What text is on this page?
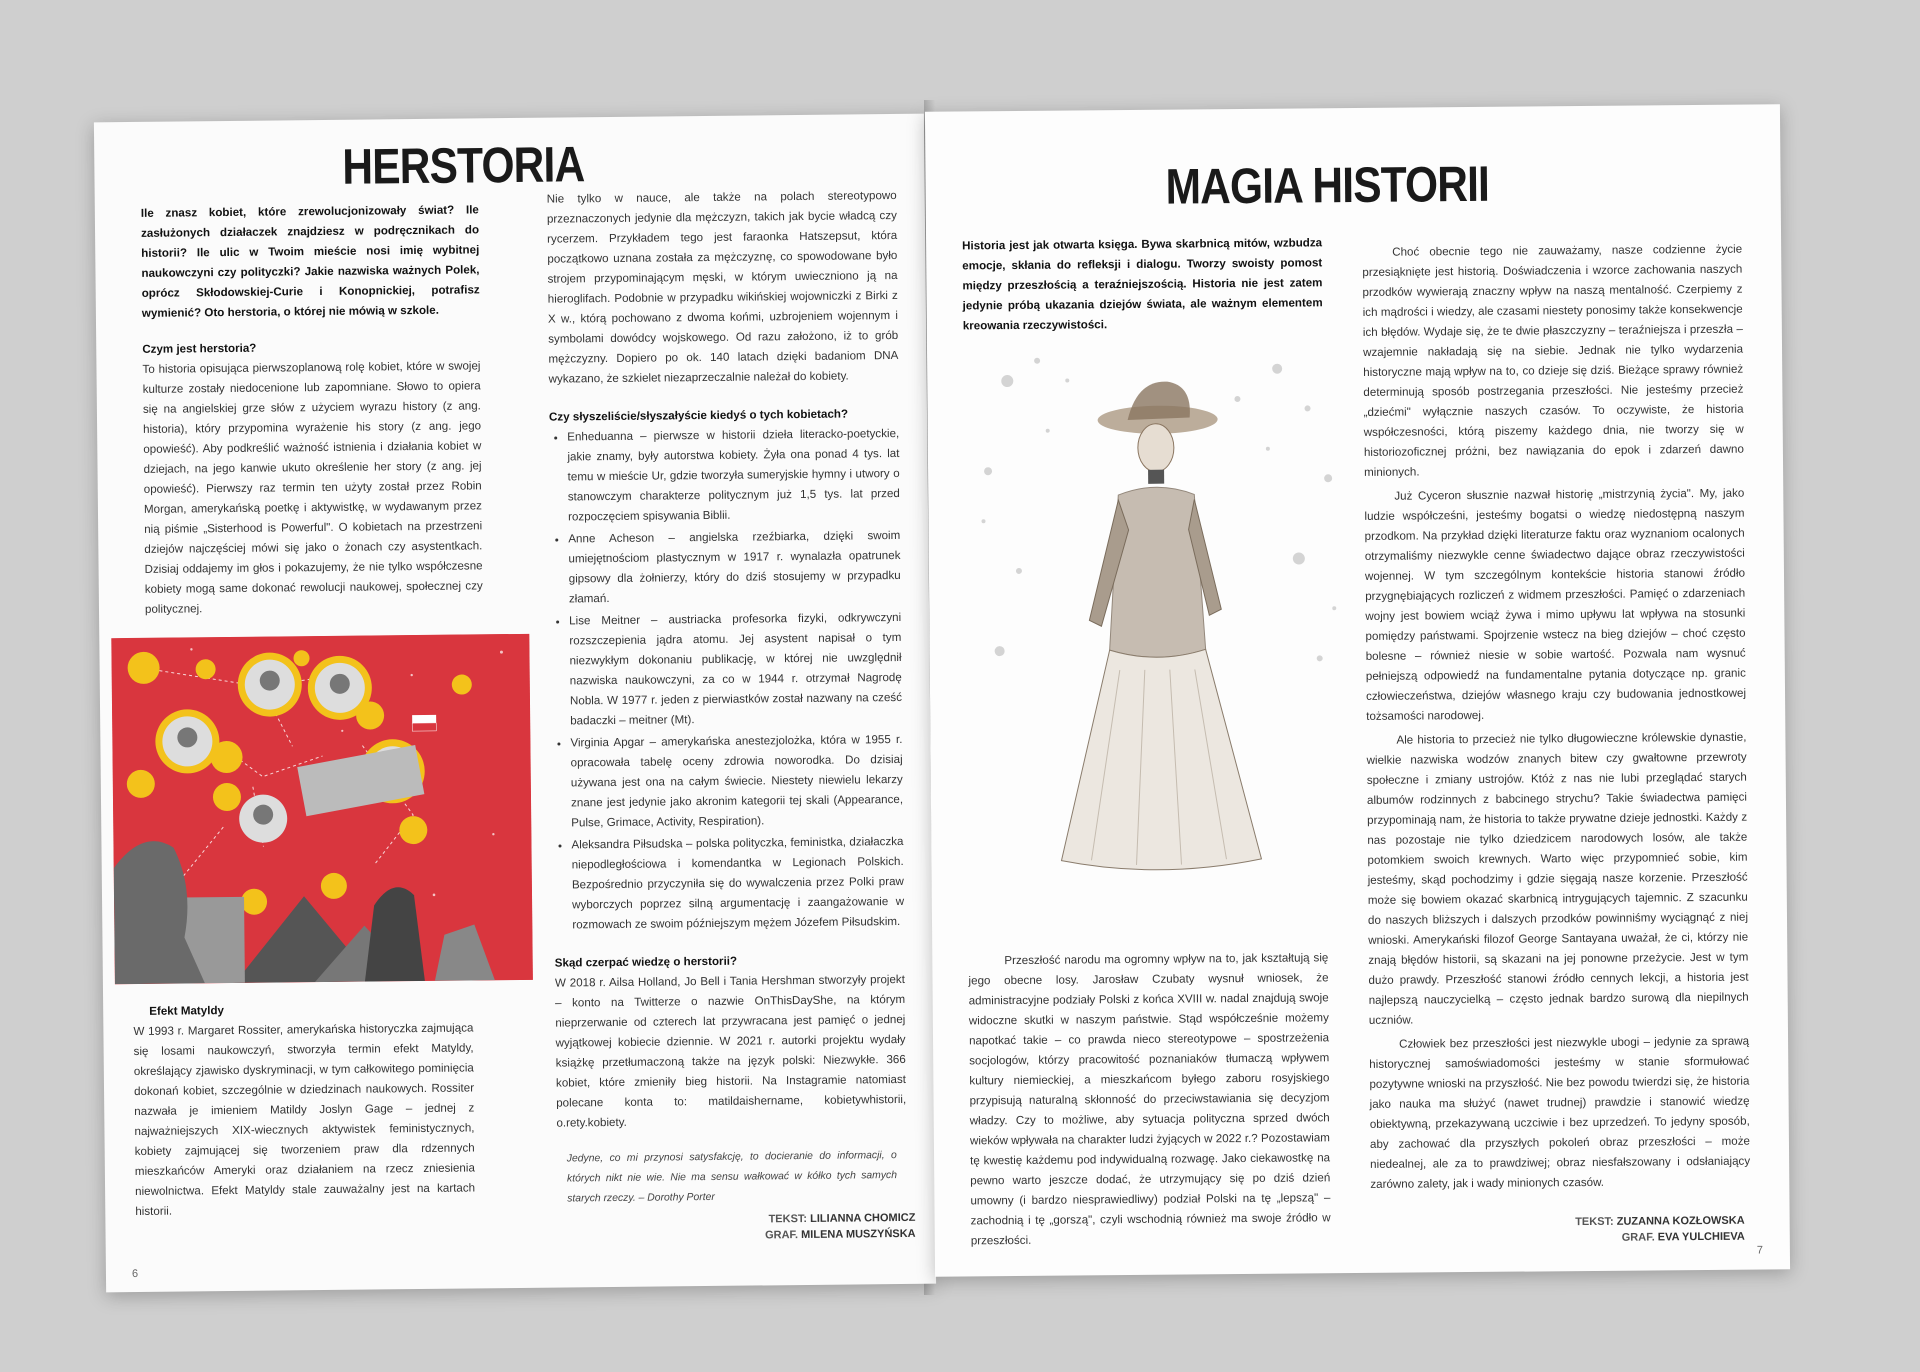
HERSTORIA

Ile znasz kobiet, które zrewolucjonizowały świat? Ile zasłużonych działaczek znajdziesz w podręcznikach do historii? Ile ulic w Twoim mieście nosi imię wybitnej naukowczyni czy polityczki? Jakie nazwiska ważnych Polek, oprócz Skłodowskiej-Curie i Konopnickiej, potrafisz wymienić? Oto herstoria, o której nie mówią w szkole.

Czym jest herstoria?

To historia opisująca pierwszoplanową rolę kobiet, które w swojej kulturze zostały niedocenione lub zapomniane. Słowo to opiera się na angielskiej grze słów z użyciem wyrazu history (z ang. historia), który przypomina wyrażenie his story (z ang. jego opowieść). Aby podkreślić ważność istnienia i działania kobiet w dziejach, na jego kanwie ukuto określenie her story (z ang. jej opowieść). Pierwszy raz termin ten użyty został przez Robin Morgan, amerykańską poetkę i aktywistkę, w wydawanym przez nią piśmie „Sisterhood is Powerful". O kobietach na przestrzeni dziejów najczęściej mówi się jako o żonach czy asystentkach. Dzisiaj oddajemy im głos i pokazujemy, że nie tylko współczesne kobiety mogą same dokonać rewolucji naukowej, społecznej czy politycznej.

Efekt Matyldy

W 1993 r. Margaret Rossiter, amerykańska historyczka zajmująca się losami naukowczyń, stworzyła termin efekt Matyldy, określający zjawisko dyskryminacji, w tym całkowitego pominięcia dokonań kobiet, szczególnie w dziedzinach naukowych. Rossiter nazwała je imieniem Matildy Joslyn Gage – jednej z najważniejszych XIX-wiecznych aktywistek feministycznych, kobiety zajmującej się tworzeniem praw dla rdzennych mieszkańców Ameryki oraz działaniem na rzecz zniesienia niewolnictwa. Efekt Matyldy stale zauważalny jest na kartach historii.

Nie tylko w nauce, ale także na polach stereotypowo przeznaczonych jedynie dla mężczyzn, takich jak bycie władcą czy rycerzem. Przykładem tego jest faraonka Hatszepsut, która początkowo uznana została za mężczyznę, co spowodowane było strojem przypominającym męski, w którym uwieczniono ją na hieroglifach. Podobnie w przypadku wikińskiej wojowniczki z Birki z X w., którą pochowano z dwoma końmi, uzbrojeniem wojennym i symbolami dowódcy wojskowego. Od razu założono, iż to grób mężczyzny. Dopiero po ok. 140 latach dzięki badaniom DNA wykazano, że szkielet niezaprzeczalnie należał do kobiety.

Czy słyszeliście/słyszałyście kiedyś o tych kobietach?

• Enheduanna – pierwsze w historii dzieła literacko-poetyckie, jakie znamy, były autorstwa kobiety. Żyła ona ponad 4 tys. lat temu w mieście Ur, gdzie tworzyła sumeryjskie hymny i utwory o stanowczym charakterze politycznym już 1,5 tys. lat przed rozpoczęciem spisywania Biblii.
• Anne Acheson – angielska rzeźbiarka, dzięki swoim umiejętnościom plastycznym w 1917 r. wynalazła opatrunek gipsowy dla żołnierzy, który do dziś stosujemy w przypadku złamań.
• Lise Meitner – austriacka profesorka fizyki, odkrywczyni rozszczepienia jądra atomu. Jej asystent napisał o tym niezwykłym dokonaniu publikację, w której nie uwzględnił nazwiska naukowczyni, za co w 1944 r. otrzymał Nagrodę Nobla. W 1977 r. jeden z pierwiastków został nazwany na cześć badaczki – meitner (Mt).
• Virginia Apgar – amerykańska anestezjolożka, która w 1955 r. opracowała tabelę oceny zdrowia noworodka. Do dzisiaj używana jest ona na całym świecie. Niestety niewielu lekarzy znane jest jedynie jako akronim kategorii tej skali (Appearance, Pulse, Grimace, Activity, Respiration).
• Aleksandra Piłsudska – polska polityczka, feministka, działaczka niepodległościowa i komendantka w Legionach Polskich. Bezpośrednio przyczyniła się do wywalczenia przez Polki praw wyborczych poprzez silną argumentację i zaangażowanie w rozmowach ze swoim późniejszym mężem Józefem Piłsudskim.

Skąd czerpać wiedzę o herstorii?

W 2018 r. Ailsa Holland, Jo Bell i Tania Hershman stworzyły projekt – konto na Twitterze o nazwie OnThisDayShe, na którym nieprzerwanie od czterech lat przywracana jest pamięć o jednej wyjątkowej kobiecie dziennie. W 2021 r. autorki projektu wydały książkę przetłumaczoną także na język polski: Niezwykłe. 366 kobiet, które zmieniły bieg historii. Na Instagramie natomiast polecane konta to: matildaishername, kobietywhistorii, o.rety.kobiety.

Jedyne, co mi przynosi satysfakcję, to docieranie do informacji, o których nikt nie wie. Nie ma sensu wałkować w kółko tych samych starych rzeczy. – Dorothy Porter

TEKST: LILIANNA CHOMICZ
GRAF. MILENA MUSZYŃSKA
6
MAGIA HISTORII

Historia jest jak otwarta księga. Bywa skarbnicą mitów, wzbudza emocje, skłania do refleksji i dialogu. Tworzy swoisty pomost między przeszłością a teraźniejszością. Historia nie jest zatem jedynie próbą ukazania dziejów świata, ale ważnym elementem kreowania rzeczywistości.

Przeszłość narodu ma ogromny wpływ na to, jak kształtują się jego obecne losy. Jarosław Czubaty wysnuł wniosek, że administracyjne podziały Polski z końca XVIII w. nadal znajdują swoje widoczne skutki w naszym państwie. Stąd współcześnie możemy napotkać takie – co prawda nieco stereotypowe – spostrzeżenia socjologów, którzy pracowitość poznaniaków tłumaczą wpływem kultury niemieckiej, a mieszkańcom byłego zaboru rosyjskiego przypisują naturalną skłonność do przeciwstawiania się decyzjom władzy. Czy to możliwe, aby sytuacja polityczna sprzed dwóch wieków wpływała na charakter ludzi żyjących w 2022 r.? Pozostawiam tę kwestię każdemu pod indywidualną rozwagę. Jako ciekawostkę na pewno warto jeszcze dodać, że utrzymujący się po dziś dzień umowny (i bardzo niesprawiedliwy) podział Polski na tę „lepszą" – zachodnią i tę „gorszą", czyli wschodnią również ma swoje źródło w przeszłości.

Choć obecnie tego nie zauważamy, nasze codzienne życie przesiąknięte jest historią. Doświadczenia i wzorce zachowania naszych przodków wywierają znaczny wpływ na naszą mentalność. Czerpiemy z ich mądrości i wiedzy, ale czasami niestety ponosimy także konsekwencje ich błędów. Wydaje się, że te dwie płaszczyzny – teraźniejsza i przeszła – wzajemnie nakładają się na siebie. Jednak nie tylko wydarzenia historyczne mają wpływ na to, co dzieje się dziś. Bieżące sprawy również determinują sposób postrzegania przeszłości. Nie jesteśmy przecież „dziećmi" wyłącznie naszych czasów. To oczywiste, że historia współczesności, którą piszemy każdego dnia, nie tworzy się w historiozoficznej próżni, bez nawiązania do epok i zdarzeń dawno minionych.

Już Cyceron słusznie nazwał historię „mistrzynią życia". My, jako ludzie współcześni, jesteśmy bogatsi o wiedzę niedostępną naszym przodkom. Na przykład dzięki literaturze faktu oraz wyznaniom ocalonych otrzymaliśmy niezwykle cenne świadectwo dające obraz rzeczywistości wojennej. W tym szczególnym kontekście historia stanowi źródło przygnębiających rozliczeń z widmem przeszłości. Pamięć o zdarzeniach wojny jest bowiem wciąż żywa i mimo upływu lat wpływa na stosunki pomiędzy państwami. Spojrzenie wstecz na bieg dziejów – choć często bolesne – również niesie w sobie wartość. Pozwala nam wysnuć pełniejszą odpowiedź na fundamentalne pytania dotyczące np. granic człowieczeństwa, dziejów własnego kraju czy budowania jednostkowej tożsamości narodowej.

Ale historia to przecież nie tylko długowieczne królewskie dynastie, wielkie nazwiska wodzów znanych bitew czy gwałtowne przewroty społeczne i zmiany ustrojów. Któż z nas nie lubi przeglądać starych albumów rodzinnych z babcinego strychu? Takie świadectwa pamięci przypominają nam, że historia to także prywatne dzieje jednostki. Każdy z nas pozostaje nie tylko dziedzicem narodowych losów, ale także potomkiem swoich krewnych. Warto więc przypomnieć sobie, kim jesteśmy, skąd pochodzimy i gdzie sięgają nasze korzenie. Przeszłość może się bowiem okazać skarbnicą intrygujących tajemnic. Z szacunku do naszych bliższych i dalszych przodków powinniśmy wyciągnąć z niej wnioski. Amerykański filozof George Santayana uważał, że ci, którzy nie znają błędów historii, są skazani na jej ponowne przeżycie. Jest w tym dużo prawdy. Przeszłość stanowi źródło cennych lekcji, a historia jest najlepszą nauczycielką – często jednak bardzo surową dla niepilnych uczniów.

Człowiek bez przeszłości jest niezwykle ubogi – jedynie za sprawą historycznej samoświadomości jesteśmy w stanie sformułować pozytywne wnioski na przyszłość. Nie bez powodu twierdzi się, że historia jako nauka ma służyć (nawet trudnej) prawdzie i stanowić wiedzę obiektywną, przekazywaną uczciwie i bez uprzedzeń. To jedyny sposób, aby zachować dla przyszłych pokoleń obraz przeszłości – może niedealnej, ale za to prawdziwej; obraz niesfałszowany i odsłaniający zarówno zalety, jak i wady minionych czasów.

TEKST: ZUZANNA KOZŁOWSKA
GRAF. EVA YULCHIEVA
7
